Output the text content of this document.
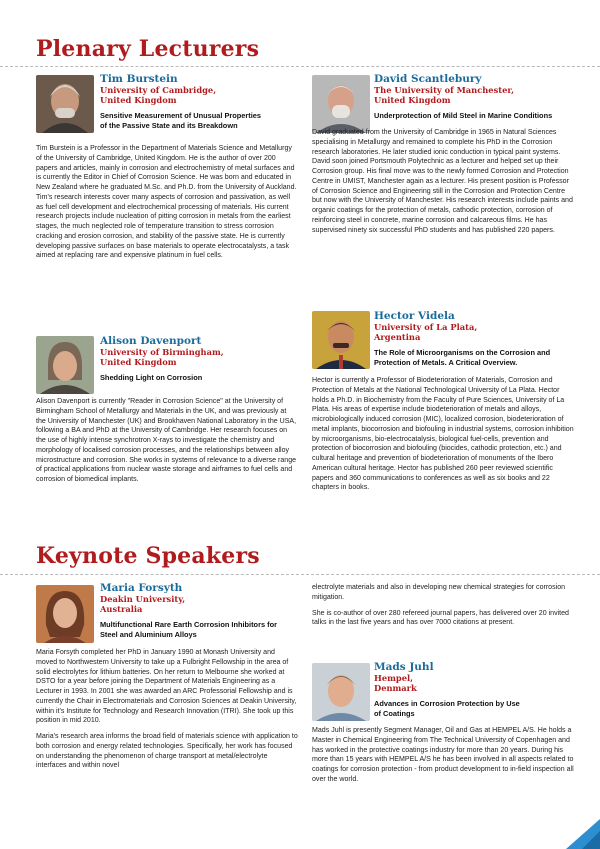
Plenary Lecturers
Keynote Speakers
Tim Burstein
University of Cambridge,
United Kingdom
Sensitive Measurement of Unusual Properties
of the Passive State and its Breakdown

Tim Burstein is a Professor in the Department of Materials Science and Metallurgy of the University of Cambridge, United Kingdom. He is the author of over 200 papers and articles, mainly in corrosion and electrochemistry of metal surfaces and is currently the Editor in Chief of Corrosion Science. He was born and educated in New Zealand where he graduated M.Sc. and Ph.D. from the University of Auckland. Tim's research interests cover many aspects of corrosion and passivation, as well as fuel cell development and electrochemical processing of materials. His current research projects include nucleation of pitting corrosion in metals from the earliest stages, the much neglected role of temperature transition to stress corrosion cracking and erosion corrosion, and stability of the passive state. He is currently developing passive surfaces on base materials to operate electrocatalysts, a task aimed at replacing rare and expensive platinum in fuel cells.

Alison Davenport
University of Birmingham,
United Kingdom
Shedding Light on Corrosion

Alison Davenport is currently "Reader in Corrosion Science" at the University of Birmingham School of Metallurgy and Materials in the UK, and was previously at the University of Manchester (UK) and Brookhaven National Laboratory in the USA, following a BA and PhD at the University of Cambridge. Her research focuses on the use of highly intense synchrotron X-rays to investigate the chemistry and morphology of localised corrosion processes, and the relationships between alloy microstructure and corrosion. She works in systems of relevance to a diverse range of practical applications from nuclear waste storage and airframes to fuel cells and corrosion of biomedical implants.

David Scantlebury
The University of Manchester,
United Kingdom
Underprotection of Mild Steel in Marine Conditions

David graduated from the University of Cambridge in 1965 in Natural Sciences specialising in Metallurgy and remained to complete his PhD in the Corrosion research laboratories. He later studied ionic conduction in typical paint systems. David soon joined Portsmouth Polytechnic as a lecturer and helped set up their Corrosion group. His final move was to the newly formed Corrosion and Protection Centre in UMIST, Manchester again as a lecturer. His present position is Professor of Corrosion Science and Engineering still in the Corrosion and Protection Centre but now with the University of Manchester. His research interests include paints and organic coatings for the protection of metals, cathodic protection, corrosion of reinforcing steel in concrete, marine corrosion and calcareous films. He has supervised ninety six successful PhD students and has published 220 papers.

Hector Videla
University of La Plata,
Argentina
The Role of Microorganisms on the Corrosion and
Protection of Metals. A Critical Overview.

Hector is currently a Professor of Biodeterioration of Materials, Corrosion and Protection of Metals at the National Technological University of La Plata. Hector holds a Ph.D. in Biochemistry from the Faculty of Pure Sciences, University of La Plata. His areas of expertise include biodeterioration of metals and alloys, microbiologically induced corrosion (MIC), localized corrosion, biodeterioration of metal implants, biocorrosion and biofouling in industrial systems, corrosion inhibition by microorganisms, bio-electrocatalysis, biological fuel-cells, prevention and protection of biocorrosion and biofouling (biocides, cathodic protection, etc.) and cultural heritage and prevention of biodeterioration of monuments of the Ibero American cultural heritage. Hector has published 260 peer reviewed scientific papers and 360 communications to conferences as well as six books and 22 chapters in books.

Maria Forsyth
Deakin University,
Australia
Multifunctional Rare Earth Corrosion Inhibitors for
Steel and Aluminium Alloys

Maria Forsyth completed her PhD in January 1990 at Monash University and moved to Northwestern University to take up a Fulbright Fellowship in the area of solid electrolytes for lithium batteries. On her return to Melbourne she worked at DSTO for a year before joining the Department of Materials Engineering as a Lecturer in 1993. In 2001 she was awarded an ARC Professorial Fellowship and is currently the Chair in Electromaterials and Corrosion Sciences at Deakin University, within it's Institute for Technology and Research Innovation (ITRI). She took up this position in mid 2010.

Maria's research area informs the broad field of materials science with application to both corrosion and energy related technologies. Specifically, her work has focused on understanding the phenomenon of charge transport at metal/electrolyte interfaces and within novel

electrolyte materials and also in developing new chemical strategies for corrosion mitigation.

She is co-author of over 280 refereed journal papers, has delivered over 20 invited talks in the last five years and has over 7000 citations at present.

Mads Juhl
Hempel,
Denmark
Advances in Corrosion Protection by Use
of Coatings

Mads Juhl is presently Segment Manager, Oil and Gas at HEMPEL A/S. He holds a Master in Chemical Engineering from The Technical University of Copenhagen and has worked in the protective coatings industry for more than 20 years. During his more than 15 years with HEMPEL A/S he has been involved in all aspects related to coatings for corrosion protection - from product development to in-field inspection all over the world.
